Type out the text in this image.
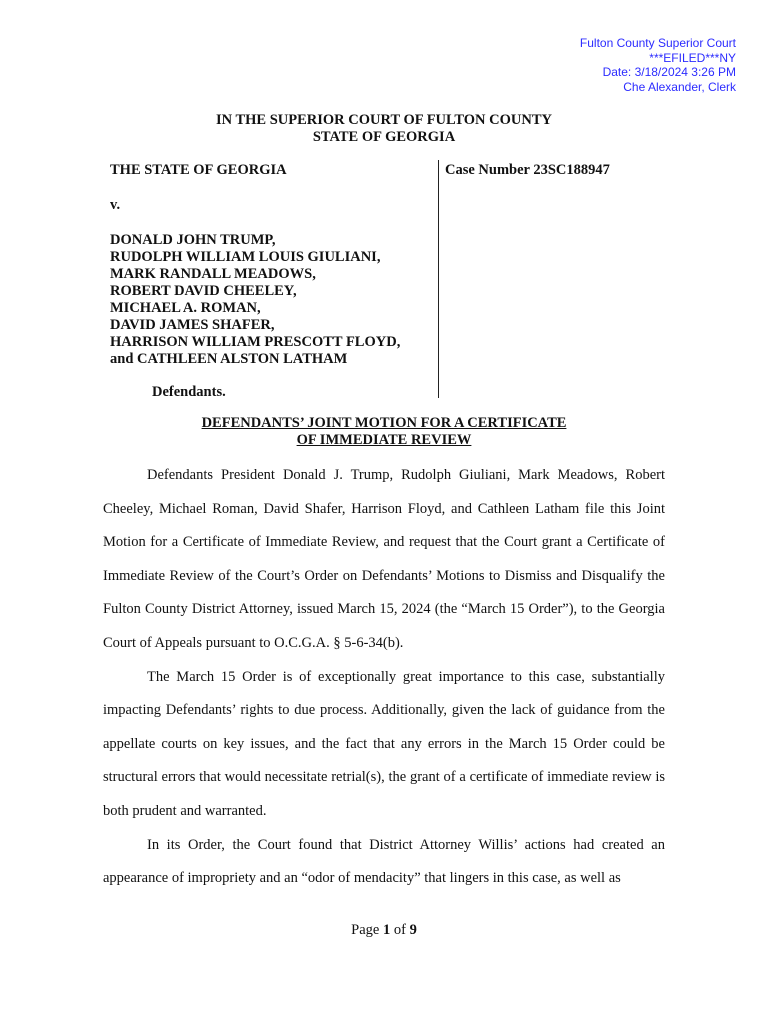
Fulton County Superior Court
***EFILED***NY
Date: 3/18/2024 3:26 PM
Che Alexander, Clerk
IN THE SUPERIOR COURT OF FULTON COUNTY
STATE OF GEORGIA
THE STATE OF GEORGIA
v.
DONALD JOHN TRUMP,
RUDOLPH WILLIAM LOUIS GIULIANI,
MARK RANDALL MEADOWS,
ROBERT DAVID CHEELEY,
MICHAEL A. ROMAN,
DAVID JAMES SHAFER,
HARRISON WILLIAM PRESCOTT FLOYD,
and CATHLEEN ALSTON LATHAM
Defendants.
Case Number 23SC188947
DEFENDANTS’ JOINT MOTION FOR A CERTIFICATE
OF IMMEDIATE REVIEW

Defendants President Donald J. Trump, Rudolph Giuliani, Mark Meadows, Robert Cheeley, Michael Roman, David Shafer, Harrison Floyd, and Cathleen Latham file this Joint Motion for a Certificate of Immediate Review, and request that the Court grant a Certificate of Immediate Review of the Court’s Order on Defendants’ Motions to Dismiss and Disqualify the Fulton County District Attorney, issued March 15, 2024 (the “March 15 Order”), to the Georgia Court of Appeals pursuant to O.C.G.A. § 5-6-34(b).

The March 15 Order is of exceptionally great importance to this case, substantially impacting Defendants’ rights to due process. Additionally, given the lack of guidance from the appellate courts on key issues, and the fact that any errors in the March 15 Order could be structural errors that would necessitate retrial(s), the grant of a certificate of immediate review is both prudent and warranted.

In its Order, the Court found that District Attorney Willis’ actions had created an appearance of impropriety and an “odor of mendacity” that lingers in this case, as well as

Page 1 of 9
